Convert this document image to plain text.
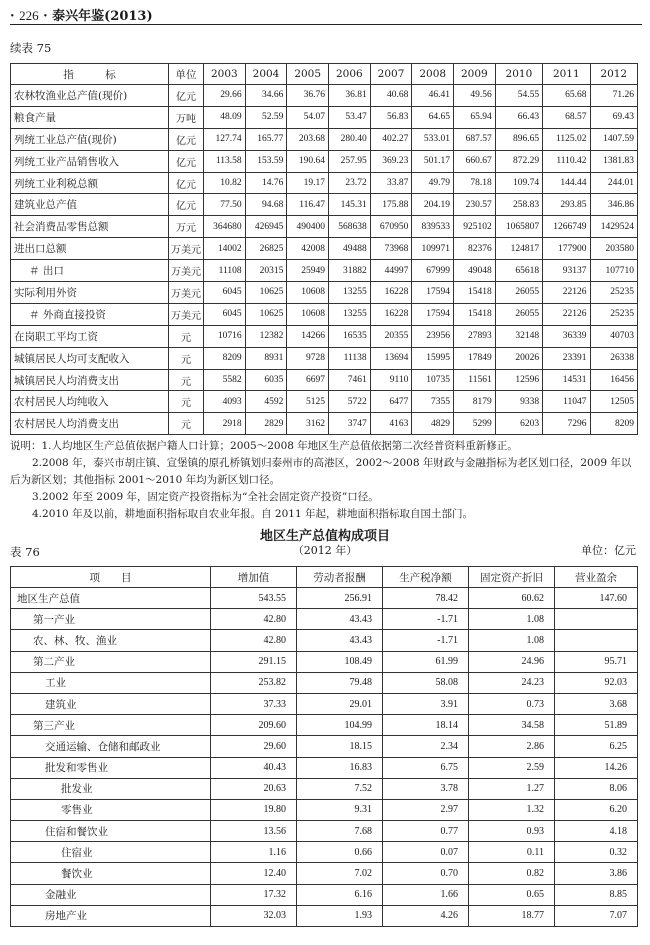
· 226 · 泰兴年鉴(2013)
续表 75
指　　　标	单位	2003	2004	2005	2006	2007	2008	2009	2010	2011	2012
农林牧渔业总产值(现价)	亿元	29.66	34.66	36.76	36.81	40.68	46.41	49.56	54.55	65.68	71.26
粮食产量	万吨	48.09	52.59	54.07	53.47	56.83	64.65	65.94	66.43	68.57	69.43
列统工业总产值(现价)	亿元	127.74	165.77	203.68	280.40	402.27	533.01	687.57	896.65	1125.02	1407.59
列统工业产品销售收入	亿元	113.58	153.59	190.64	257.95	369.23	501.17	660.67	872.29	1110.42	1381.83
列统工业利税总额	亿元	10.82	14.76	19.17	23.72	33.87	49.79	78.18	109.74	144.44	244.01
建筑业总产值	亿元	77.50	94.68	116.47	145.31	175.88	204.19	230.57	258.83	293.85	346.86
社会消费品零售总额	万元	364680	426945	490400	568638	670950	839533	925102	1065807	1266749	1429524
进出口总额	万美元	14002	26825	42008	49488	73968	109971	82376	124817	177900	203580
＃ 出口	万美元	11108	20315	25949	31882	44997	67999	49048	65618	93137	107710
实际利用外资	万美元	6045	10625	10608	13255	16228	17594	15418	26055	22126	25235
＃ 外商直接投资	万美元	6045	10625	10608	13255	16228	17594	15418	26055	22126	25235
在岗职工平均工资	元	10716	12382	14266	16535	20355	23956	27893	32148	36339	40703
城镇居民人均可支配收入	元	8209	8931	9728	11138	13694	15995	17849	20026	23391	26338
城镇居民人均消费支出	元	5582	6035	6697	7461	9110	10735	11561	12596	14531	16456
农村居民人均纯收入	元	4093	4592	5125	5722	6477	7355	8179	9338	11047	12505
农村居民人均消费支出	元	2918	2829	3162	3747	4163	4829	5299	6203	7296	8209

说明：1.人均地区生产总值依据户籍人口计算；2005～2008 年地区生产总值依据第二次经普资料重新修正。

2.2008 年，泰兴市胡庄镇、宣堡镇的原孔桥镇划归泰州市的高港区，2002～2008 年财政与金融指标为老区划口径，2009 年以后为新区划；其他指标 2001～2010 年均为新区划口径。

3.2002 年至 2009 年，固定资产投资指标为“全社会固定资产投资”口径。

4.2010 年及以前，耕地面积指标取自农业年报。自 2011 年起，耕地面积指标取自国土部门。

地区生产总值构成项目
表 76	（2012 年）	单位：亿元
项　　目	增加值	劳动者报酬	生产税净额	固定资产折旧	营业盈余
地区生产总值	543.55	256.91	78.42	60.62	147.60
第一产业	42.80	43.43	-1.71	1.08	
农、林、牧、渔业	42.80	43.43	-1.71	1.08	
第二产业	291.15	108.49	61.99	24.96	95.71
工业	253.82	79.48	58.08	24.23	92.03
建筑业	37.33	29.01	3.91	0.73	3.68
第三产业	209.60	104.99	18.14	34.58	51.89
交通运输、仓储和邮政业	29.60	18.15	2.34	2.86	6.25
批发和零售业	40.43	16.83	6.75	2.59	14.26
批发业	20.63	7.52	3.78	1.27	8.06
零售业	19.80	9.31	2.97	1.32	6.20
住宿和餐饮业	13.56	7.68	0.77	0.93	4.18
住宿业	1.16	0.66	0.07	0.11	0.32
餐饮业	12.40	7.02	0.70	0.82	3.86
金融业	17.32	6.16	1.66	0.65	8.85
房地产业	32.03	1.93	4.26	18.77	7.07
